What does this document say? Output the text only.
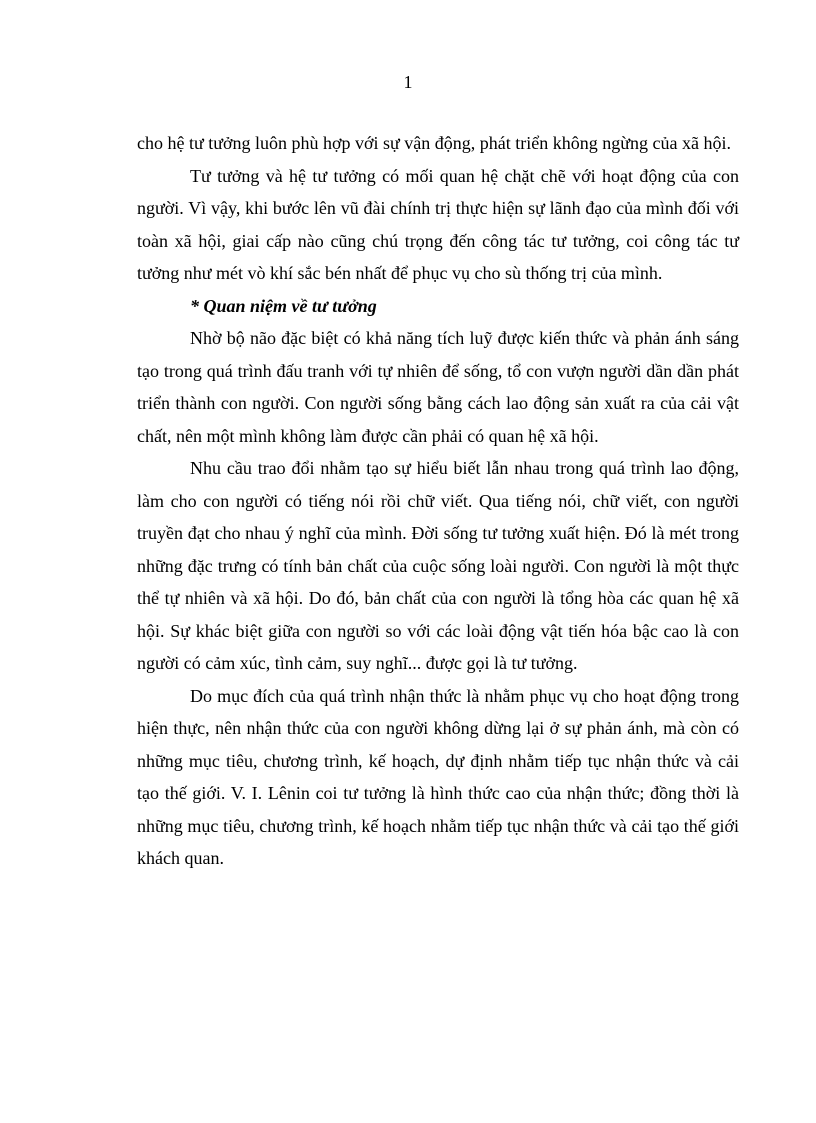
1

cho hệ tư tưởng luôn phù hợp với sự vận động, phát triển không ngừng của xã hội.

Tư tưởng và hệ tư tưởng có mối quan hệ chặt chẽ với hoạt động của con người. Vì vậy, khi bước lên vũ đài chính trị thực hiện sự lãnh đạo của mình đối với toàn xã hội, giai cấp nào cũng chú trọng đến công tác tư tưởng, coi công tác tư tưởng như mét vò khí sắc bén nhất để phục vụ cho sù thống trị của mình.

* Quan niệm về tư tưởng

Nhờ bộ não đặc biệt có khả năng tích luỹ được kiến thức và phản ánh sáng tạo trong quá trình đấu tranh với tự nhiên để sống, tổ con vượn người dần dần phát triển thành con người. Con người sống bằng cách lao động sản xuất ra của cải vật chất, nên một mình không làm được cần phải có quan hệ xã hội.

Nhu cầu trao đổi nhằm tạo sự hiểu biết lẫn nhau trong quá trình lao động, làm cho con người có tiếng nói rồi chữ viết. Qua tiếng nói, chữ viết, con người truyền đạt cho nhau ý nghĩ của mình. Đời sống tư tưởng xuất hiện. Đó là mét trong những đặc trưng có tính bản chất của cuộc sống loài người. Con người là một thực thể tự nhiên và xã hội. Do đó, bản chất của con người là tổng hòa các quan hệ xã hội. Sự khác biệt giữa con người so với các loài động vật tiến hóa bậc cao là con người có cảm xúc, tình cảm, suy nghĩ... được gọi là tư tưởng.

Do mục đích của quá trình nhận thức là nhằm phục vụ cho hoạt động trong hiện thực, nên nhận thức của con người không dừng lại ở sự phản ánh, mà còn có những mục tiêu, chương trình, kế hoạch, dự định nhằm tiếp tục nhận thức và cải tạo thế giới. V. I. Lênin coi tư tưởng là hình thức cao của nhận thức; đồng thời là những mục tiêu, chương trình, kế hoạch nhằm tiếp tục nhận thức và cải tạo thế giới khách quan.
